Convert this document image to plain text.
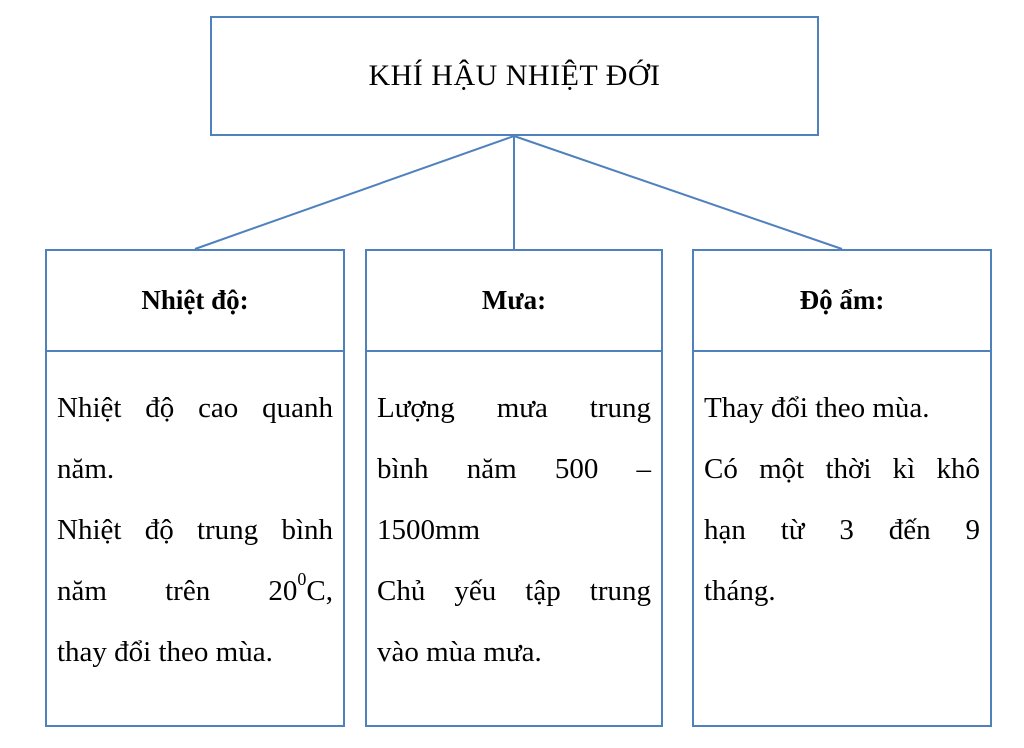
KHÍ HẬU NHIỆT ĐỚI
Nhiệt độ:
Nhiệt độ cao quanh
năm.
Nhiệt độ trung bình
năm trên $20^0C$,
thay đổi theo mùa.
Mưa:
Lượng mưa trung
bình năm 500 –
1500mm
Chủ yếu tập trung
vào mùa mưa.
Độ ẩm:
Thay đổi theo mùa.
Có một thời kì khô
hạn từ 3 đến 9
tháng.
